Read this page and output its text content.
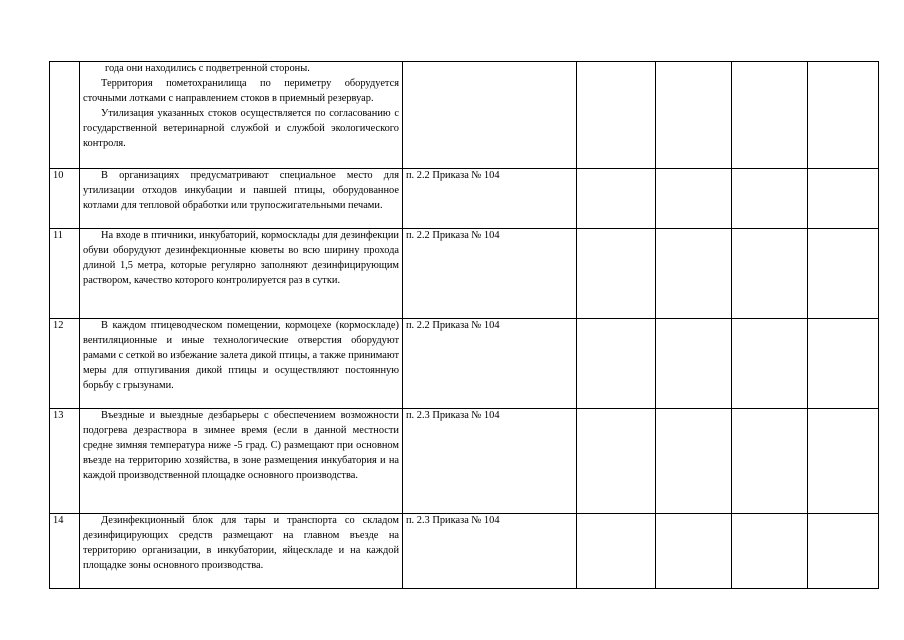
	года они находились с подветренной стороны.

Территория пометохранилища по периметру оборудуется сточными лотками с направлением стоков в приемный резервуар.

Утилизация указанных стоков осуществляется по согласованию с государственной ветеринарной службой и службой экологического контроля.					

10	В организациях предусматривают специальное место для утилизации отходов инкубации и павшей птицы, оборудованное котлами для тепловой обработки или трупосжигательными печами.	п. 2.2 Приказа № 104				
11	На входе в птичники, инкубаторий, кормосклады для дезинфекции обуви оборудуют дезинфекционные кюветы во всю ширину прохода длиной 1,5 метра, которые регулярно заполняют дезинфицирующим раствором, качество которого контролируется раз в сутки.	п. 2.2 Приказа № 104				
12	В каждом птицеводческом помещении, кормоцехе (кормоскладе) вентиляционные и иные технологические отверстия оборудуют рамами с сеткой во избежание залета дикой птицы, а также принимают меры для отпугивания дикой птицы и осуществляют постоянную борьбу с грызунами.	п. 2.2 Приказа № 104				
13	Въездные и выездные дезбарьеры с обеспечением возможности подогрева дезраствора в зимнее время (если в данной местности средне зимняя температура ниже -5 град. С) размещают при основном въезде на территорию хозяйства, в зоне размещения инкубатория и на каждой производственной площадке основного производства.	п. 2.3 Приказа № 104				
14	Дезинфекционный блок для тары и транспорта со складом дезинфицирующих средств размещают на главном въезде на территорию организации, в инкубатории, яйцескладе и на каждой площадке зоны основного производства.	п. 2.3 Приказа № 104				
